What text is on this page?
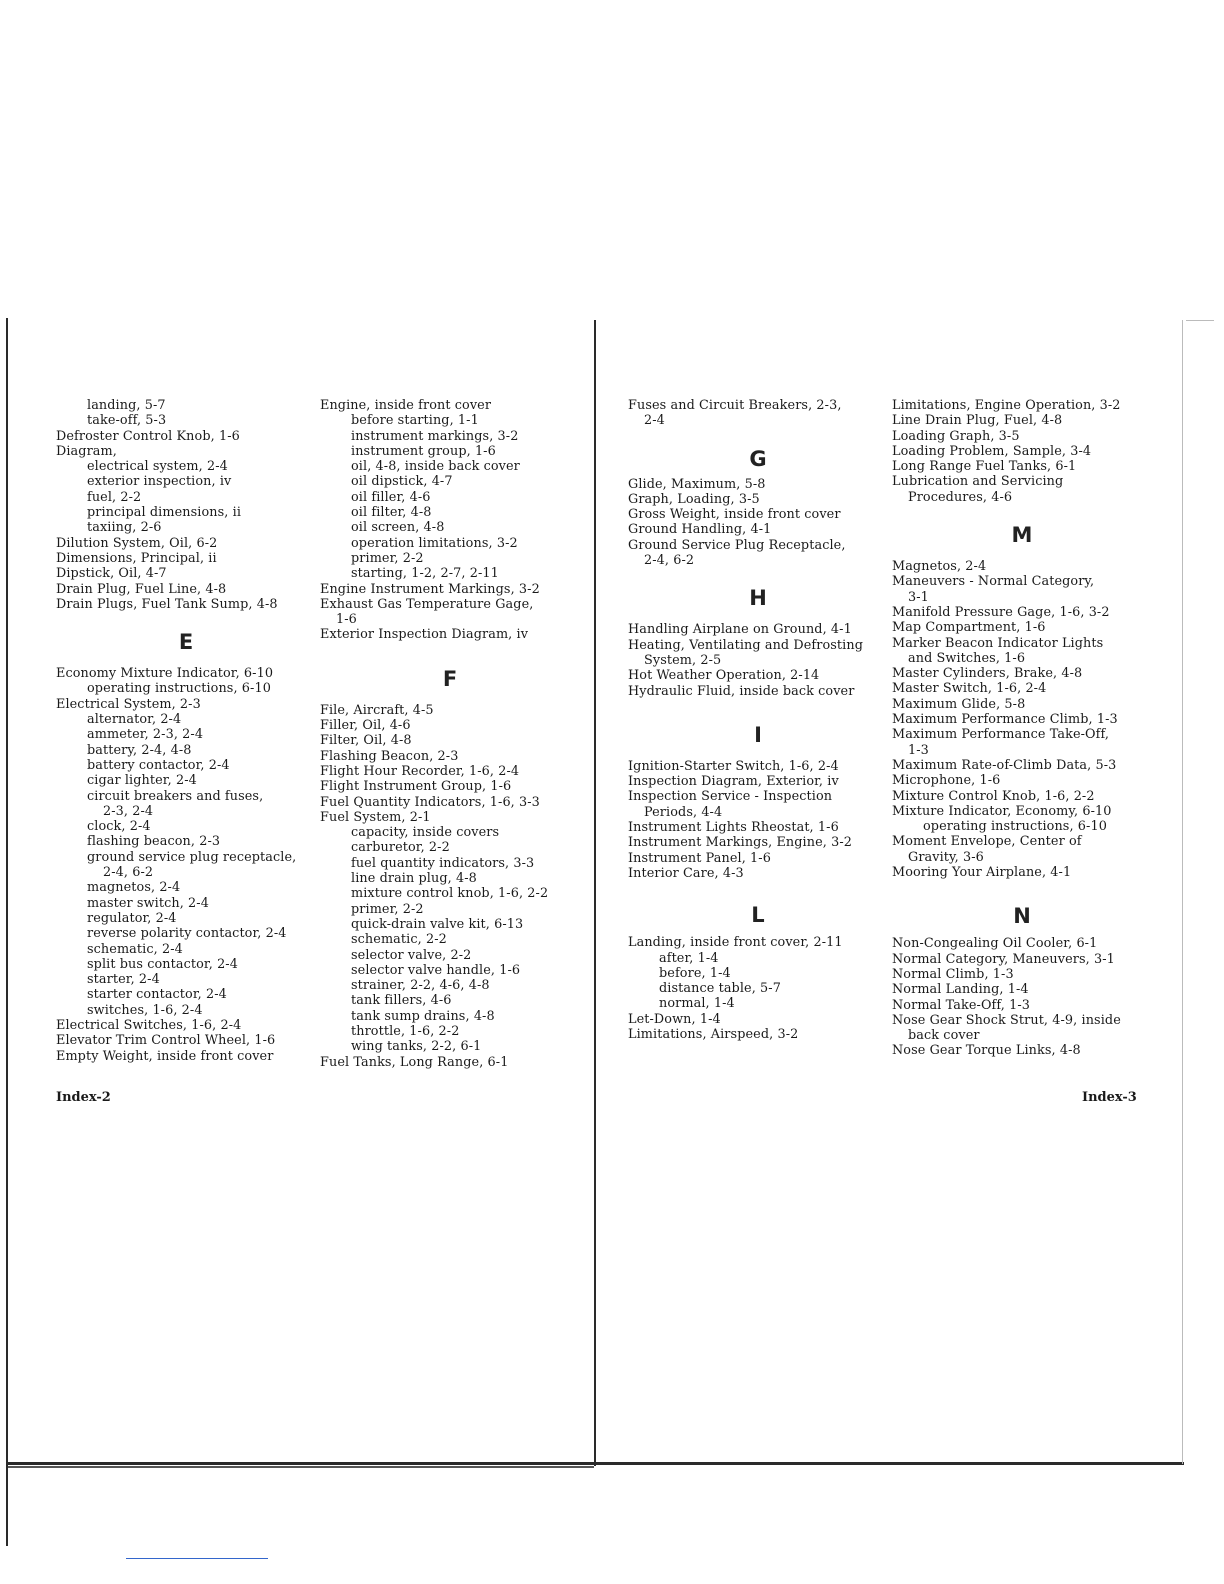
landing, 5-7
take-off, 5-3
Defroster Control Knob, 1-6
Diagram,
electrical system, 2-4
exterior inspection, iv
fuel, 2-2
principal dimensions, ii
taxiing, 2-6
Dilution System, Oil, 6-2
Dimensions, Principal, ii
Dipstick, Oil, 4-7
Drain Plug, Fuel Line, 4-8
Drain Plugs, Fuel Tank Sump, 4-8
E
Economy Mixture Indicator, 6-10
operating instructions, 6-10
Electrical System, 2-3
alternator, 2-4
ammeter, 2-3, 2-4
battery, 2-4, 4-8
battery contactor, 2-4
cigar lighter, 2-4
circuit breakers and fuses,
2-3, 2-4
clock, 2-4
flashing beacon, 2-3
ground service plug receptacle,
2-4, 6-2
magnetos, 2-4
master switch, 2-4
regulator, 2-4
reverse polarity contactor, 2-4
schematic, 2-4
split bus contactor, 2-4
starter, 2-4
starter contactor, 2-4
switches, 1-6, 2-4
Electrical Switches, 1-6, 2-4
Elevator Trim Control Wheel, 1-6
Empty Weight, inside front cover
Engine, inside front cover
before starting, 1-1
instrument markings, 3-2
instrument group, 1-6
oil, 4-8, inside back cover
oil dipstick, 4-7
oil filler, 4-6
oil filter, 4-8
oil screen, 4-8
operation limitations, 3-2
primer, 2-2
starting, 1-2, 2-7, 2-11
Engine Instrument Markings, 3-2
Exhaust Gas Temperature Gage,
1-6
Exterior Inspection Diagram, iv
F
File, Aircraft, 4-5
Filler, Oil, 4-6
Filter, Oil, 4-8
Flashing Beacon, 2-3
Flight Hour Recorder, 1-6, 2-4
Flight Instrument Group, 1-6
Fuel Quantity Indicators, 1-6, 3-3
Fuel System, 2-1
capacity, inside covers
carburetor, 2-2
fuel quantity indicators, 3-3
line drain plug, 4-8
mixture control knob, 1-6, 2-2
primer, 2-2
quick-drain valve kit, 6-13
schematic, 2-2
selector valve, 2-2
selector valve handle, 1-6
strainer, 2-2, 4-6, 4-8
tank fillers, 4-6
tank sump drains, 4-8
throttle, 1-6, 2-2
wing tanks, 2-2, 6-1
Fuel Tanks, Long Range, 6-1
Fuses and Circuit Breakers, 2-3,
2-4
G
Glide, Maximum, 5-8
Graph, Loading, 3-5
Gross Weight, inside front cover
Ground Handling, 4-1
Ground Service Plug Receptacle,
2-4, 6-2
H
Handling Airplane on Ground, 4-1
Heating, Ventilating and Defrosting
System, 2-5
Hot Weather Operation, 2-14
Hydraulic Fluid, inside back cover
I
Ignition-Starter Switch, 1-6, 2-4
Inspection Diagram, Exterior, iv
Inspection Service - Inspection
Periods, 4-4
Instrument Lights Rheostat, 1-6
Instrument Markings, Engine, 3-2
Instrument Panel, 1-6
Interior Care, 4-3
L
Landing, inside front cover, 2-11
after, 1-4
before, 1-4
distance table, 5-7
normal, 1-4
Let-Down, 1-4
Limitations, Airspeed, 3-2
Limitations, Engine Operation, 3-2
Line Drain Plug, Fuel, 4-8
Loading Graph, 3-5
Loading Problem, Sample, 3-4
Long Range Fuel Tanks, 6-1
Lubrication and Servicing
Procedures, 4-6
M
Magnetos, 2-4
Maneuvers - Normal Category,
3-1
Manifold Pressure Gage, 1-6, 3-2
Map Compartment, 1-6
Marker Beacon Indicator Lights
and Switches, 1-6
Master Cylinders, Brake, 4-8
Master Switch, 1-6, 2-4
Maximum Glide, 5-8
Maximum Performance Climb, 1-3
Maximum Performance Take-Off,
1-3
Maximum Rate-of-Climb Data, 5-3
Microphone, 1-6
Mixture Control Knob, 1-6, 2-2
Mixture Indicator, Economy, 6-10
operating instructions, 6-10
Moment Envelope, Center of
Gravity, 3-6
Mooring Your Airplane, 4-1
N
Non-Congealing Oil Cooler, 6-1
Normal Category, Maneuvers, 3-1
Normal Climb, 1-3
Normal Landing, 1-4
Normal Take-Off, 1-3
Nose Gear Shock Strut, 4-9, inside
back cover
Nose Gear Torque Links, 4-8
Index-2	Index-3
